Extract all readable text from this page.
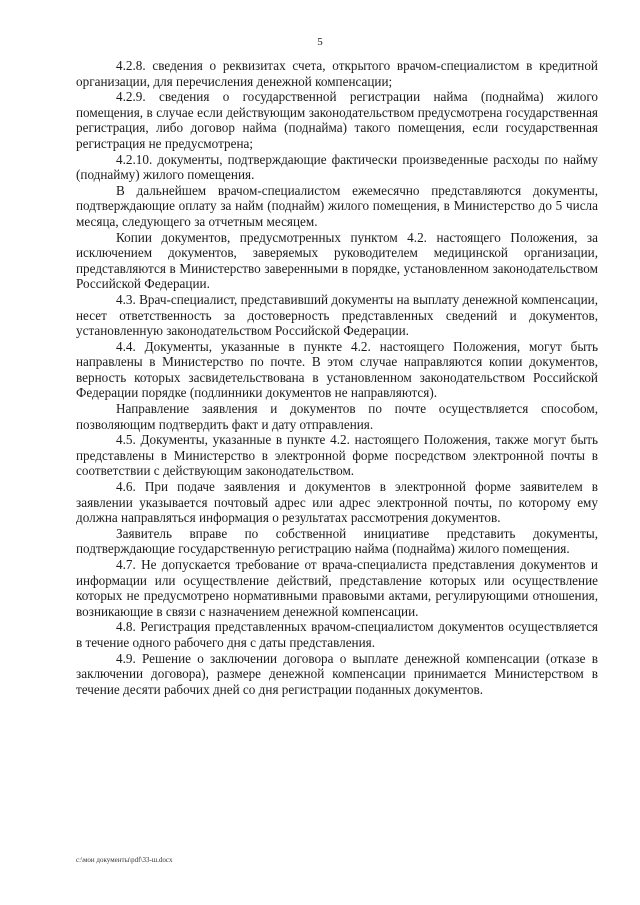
5

4.2.8. сведения о реквизитах счета, открытого врачом-специалистом в кредитной организации, для перечисления денежной компенсации;

4.2.9. сведения о государственной регистрации найма (поднайма) жилого помещения, в случае если действующим законодательством предусмотрена государственная регистрация, либо договор найма (поднайма) такого помещения, если государственная регистрация не предусмотрена;

4.2.10. документы, подтверждающие фактически произведенные расходы по найму (поднайму) жилого помещения.

В дальнейшем врачом-специалистом ежемесячно представляются документы, подтверждающие оплату за найм (поднайм) жилого помещения, в Министерство до 5 числа месяца, следующего за отчетным месяцем.

Копии документов, предусмотренных пунктом 4.2. настоящего Положения, за исключением документов, заверяемых руководителем медицинской организации, представляются в Министерство заверенными в порядке, установленном законодательством Российской Федерации.

4.3. Врач-специалист, представивший документы на выплату денежной компенсации, несет ответственность за достоверность представленных сведений и документов, установленную законодательством Российской Федерации.

4.4. Документы, указанные в пункте 4.2. настоящего Положения, могут быть направлены в Министерство по почте. В этом случае направляются копии документов, верность которых засвидетельствована в установленном законодательством Российской Федерации порядке (подлинники документов не направляются).

Направление заявления и документов по почте осуществляется способом, позволяющим подтвердить факт и дату отправления.

4.5. Документы, указанные в пункте 4.2. настоящего Положения, также могут быть представлены в Министерство в электронной форме посредством электронной почты в соответствии с действующим законодательством.

4.6. При подаче заявления и документов в электронной форме заявителем в заявлении указывается почтовый адрес или адрес электронной почты, по которому ему должна направляться информация о результатах рассмотрения документов.

Заявитель вправе по собственной инициативе представить документы, подтверждающие государственную регистрацию найма (поднайма) жилого помещения.

4.7. Не допускается требование от врача-специалиста представления документов и информации или осуществление действий, представление которых или осуществление которых не предусмотрено нормативными правовыми актами, регулирующими отношения, возникающие в связи с назначением денежной компенсации.

4.8. Регистрация представленных врачом-специалистом документов осуществляется в течение одного рабочего дня с даты представления.

4.9. Решение о заключении договора о выплате денежной компенсации (отказе в заключении договора), размере денежной компенсации принимается Министерством в течение десяти рабочих дней со дня регистрации поданных документов.

c:\мои документы\pdf\33-ш.docx
